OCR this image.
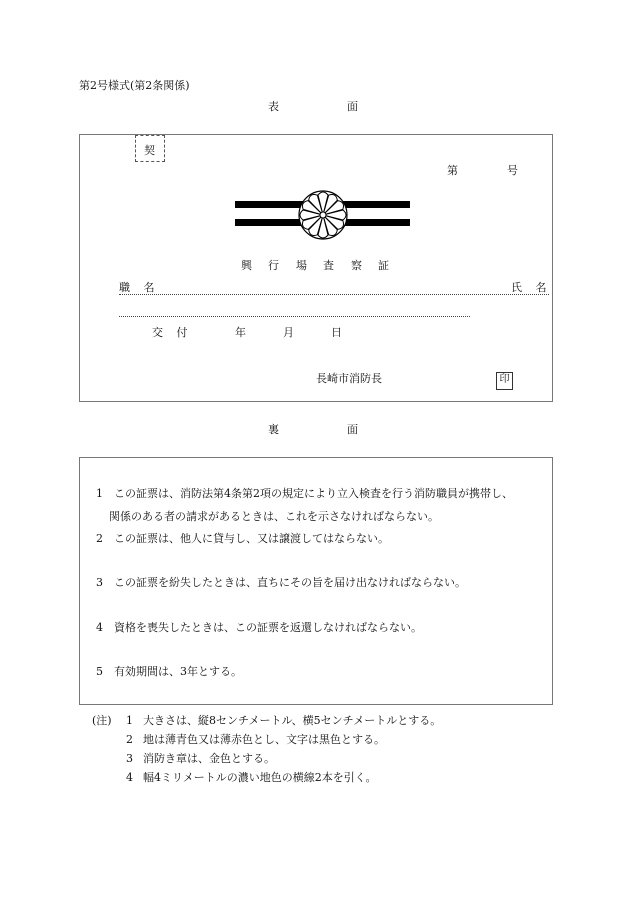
第2号様式(第2条関係)
表	面
契
第	号
興 行 場 査 察 証
職 名	氏 名
交 付	年	月	日
長崎市消防長	印
裏	面
1 この証票は、消防法第4条第2項の規定により立入検査を行う消防職員が携帯し、
関係のある者の請求があるときは、これを示さなければならない。
2 この証票は、他人に貸与し、又は譲渡してはならない。
3 この証票を紛失したときは、直ちにその旨を届け出なければならない。
4 資格を喪失したときは、この証票を返還しなければならない。
5 有効期間は、3年とする。
(注) 1 大きさは、縦8センチメートル、横5センチメートルとする。
2 地は薄青色又は薄赤色とし、文字は黒色とする。
3 消防き章は、金色とする。
4 幅4ミリメートルの濃い地色の横線2本を引く。
